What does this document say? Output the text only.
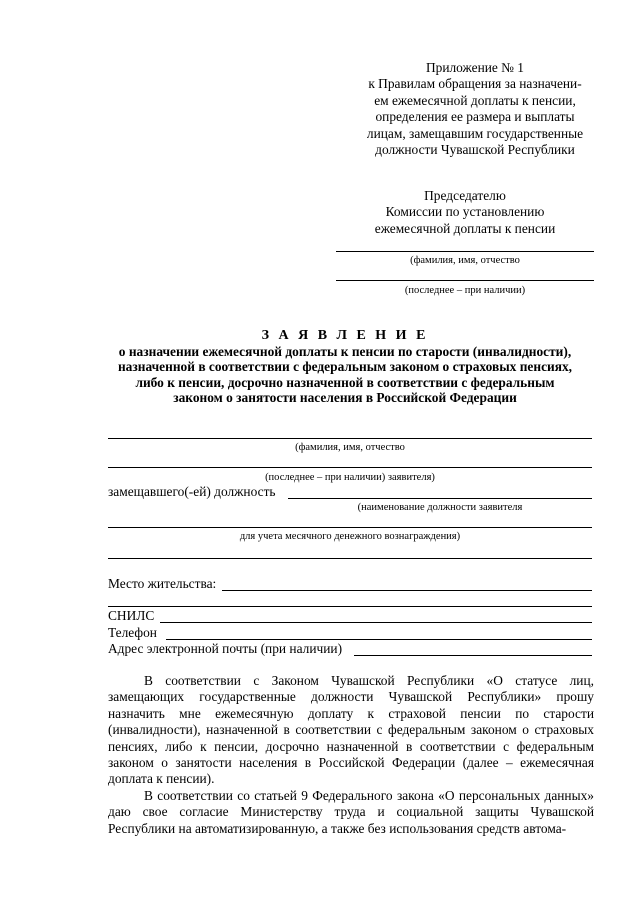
Приложение № 1
к Правилам обращения за назначени-
ем ежемесячной доплаты к пенсии,
определения ее размера и выплаты
лицам, замещавшим государственные
должности Чувашской Республики
Председателю
Комиссии по установлению
ежемесячной доплаты к пенсии
(фамилия, имя, отчество
(последнее – при наличии)
З А Я В Л Е Н И Е
о назначении ежемесячной доплаты к пенсии по старости (инвалидности),
назначенной в соответствии с федеральным законом о страховых пенсиях,
либо к пенсии, досрочно назначенной в соответствии с федеральным
законом о занятости населения в Российской Федерации
(фамилия, имя, отчество
(последнее – при наличии) заявителя)
замещавшего(-ей) должность
(наименование должности заявителя
для учета месячного денежного вознаграждения)
Место жительства:
СНИЛС
Телефон
Адрес электронной почты (при наличии)

В соответствии с Законом Чувашской Республики «О статусе лиц, замещающих государственные должности Чувашской Республики» прошу назначить мне ежемесячную доплату к страховой пенсии по старости (инвалидности), назначенной в соответствии с федеральным законом о страховых пенсиях, либо к пенсии, досрочно назначенной в соответствии с федеральным законом о занятости населения в Российской Федерации (далее – ежемесячная доплата к пенсии).

В соответствии со статьей 9 Федерального закона «О персональных данных» даю свое согласие Министерству труда и социальной защиты Чувашской Республики на автоматизированную, а также без использования средств автома-
